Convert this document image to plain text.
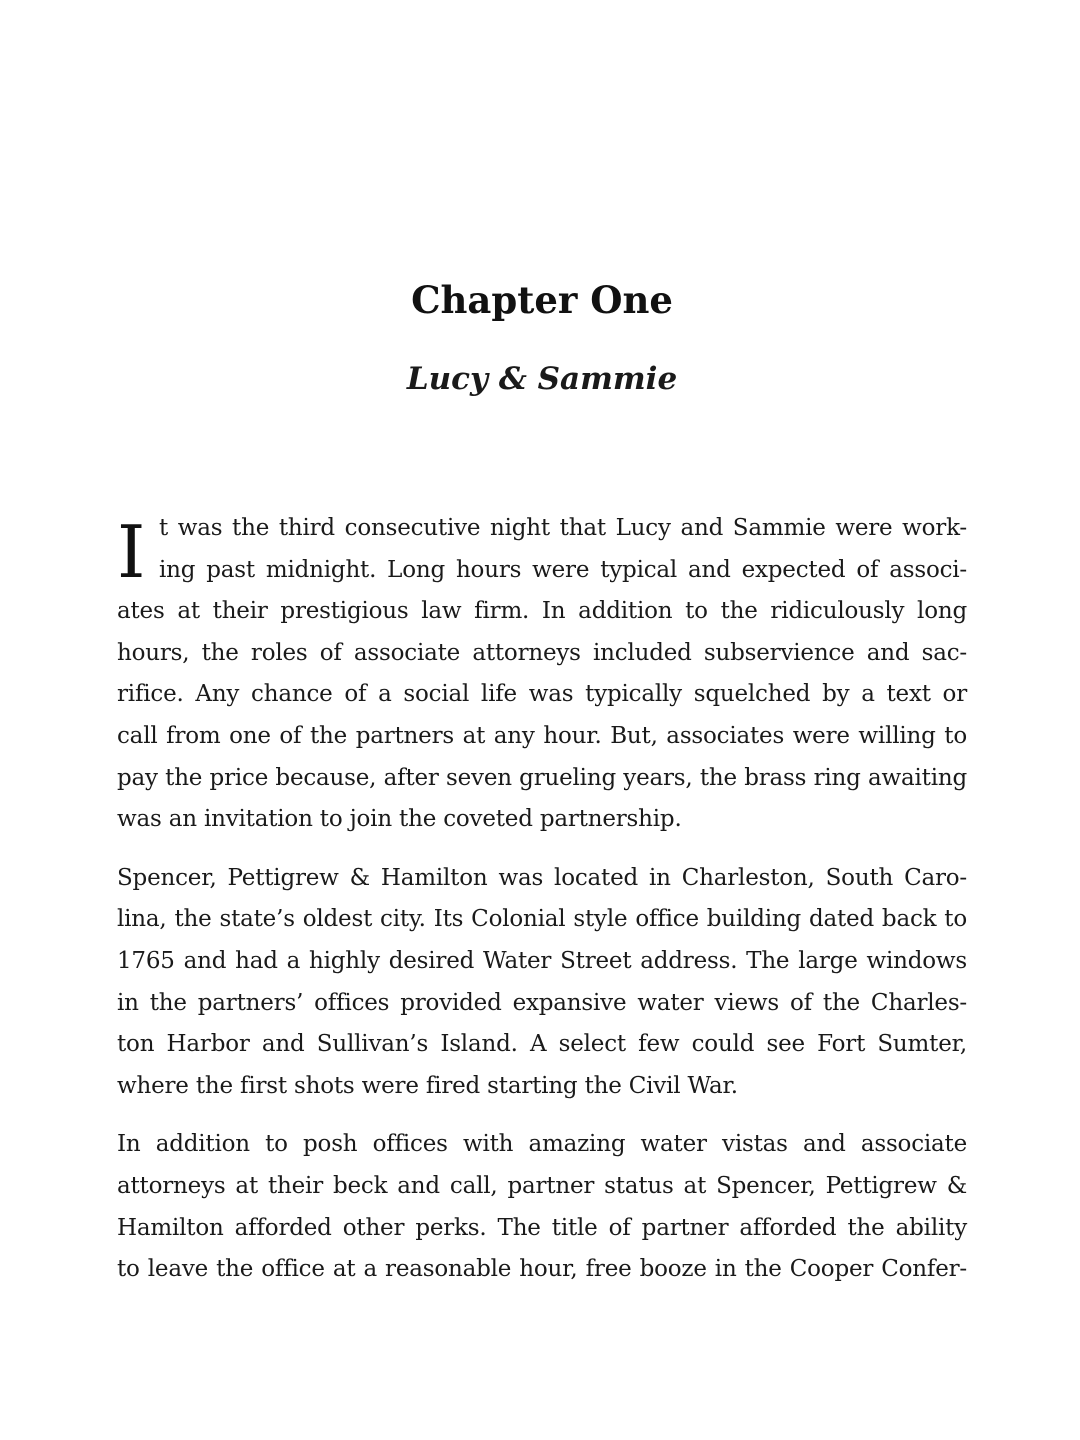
Chapter One
Lucy & Sammie
I t was the third consecutive night that Lucy and Sammie were work-
ing past midnight. Long hours were typical and expected of associ-
ates at their prestigious law firm. In addition to the ridiculously long
hours, the roles of associate attorneys included subservience and sac-
rifice. Any chance of a social life was typically squelched by a text or
call from one of the partners at any hour. But, associates were willing to
pay the price because, after seven grueling years, the brass ring awaiting
was an invitation to join the coveted partnership.
Spencer, Pettigrew & Hamilton was located in Charleston, South Caro-
lina, the state’s oldest city. Its Colonial style office building dated back to
1765 and had a highly desired Water Street address. The large windows
in the partners’ offices provided expansive water views of the Charles-
ton Harbor and Sullivan’s Island. A select few could see Fort Sumter,
where the first shots were fired starting the Civil War.
In addition to posh offices with amazing water vistas and associate
attorneys at their beck and call, partner status at Spencer, Pettigrew &
Hamilton afforded other perks. The title of partner afforded the ability
to leave the office at a reasonable hour, free booze in the Cooper Confer-
